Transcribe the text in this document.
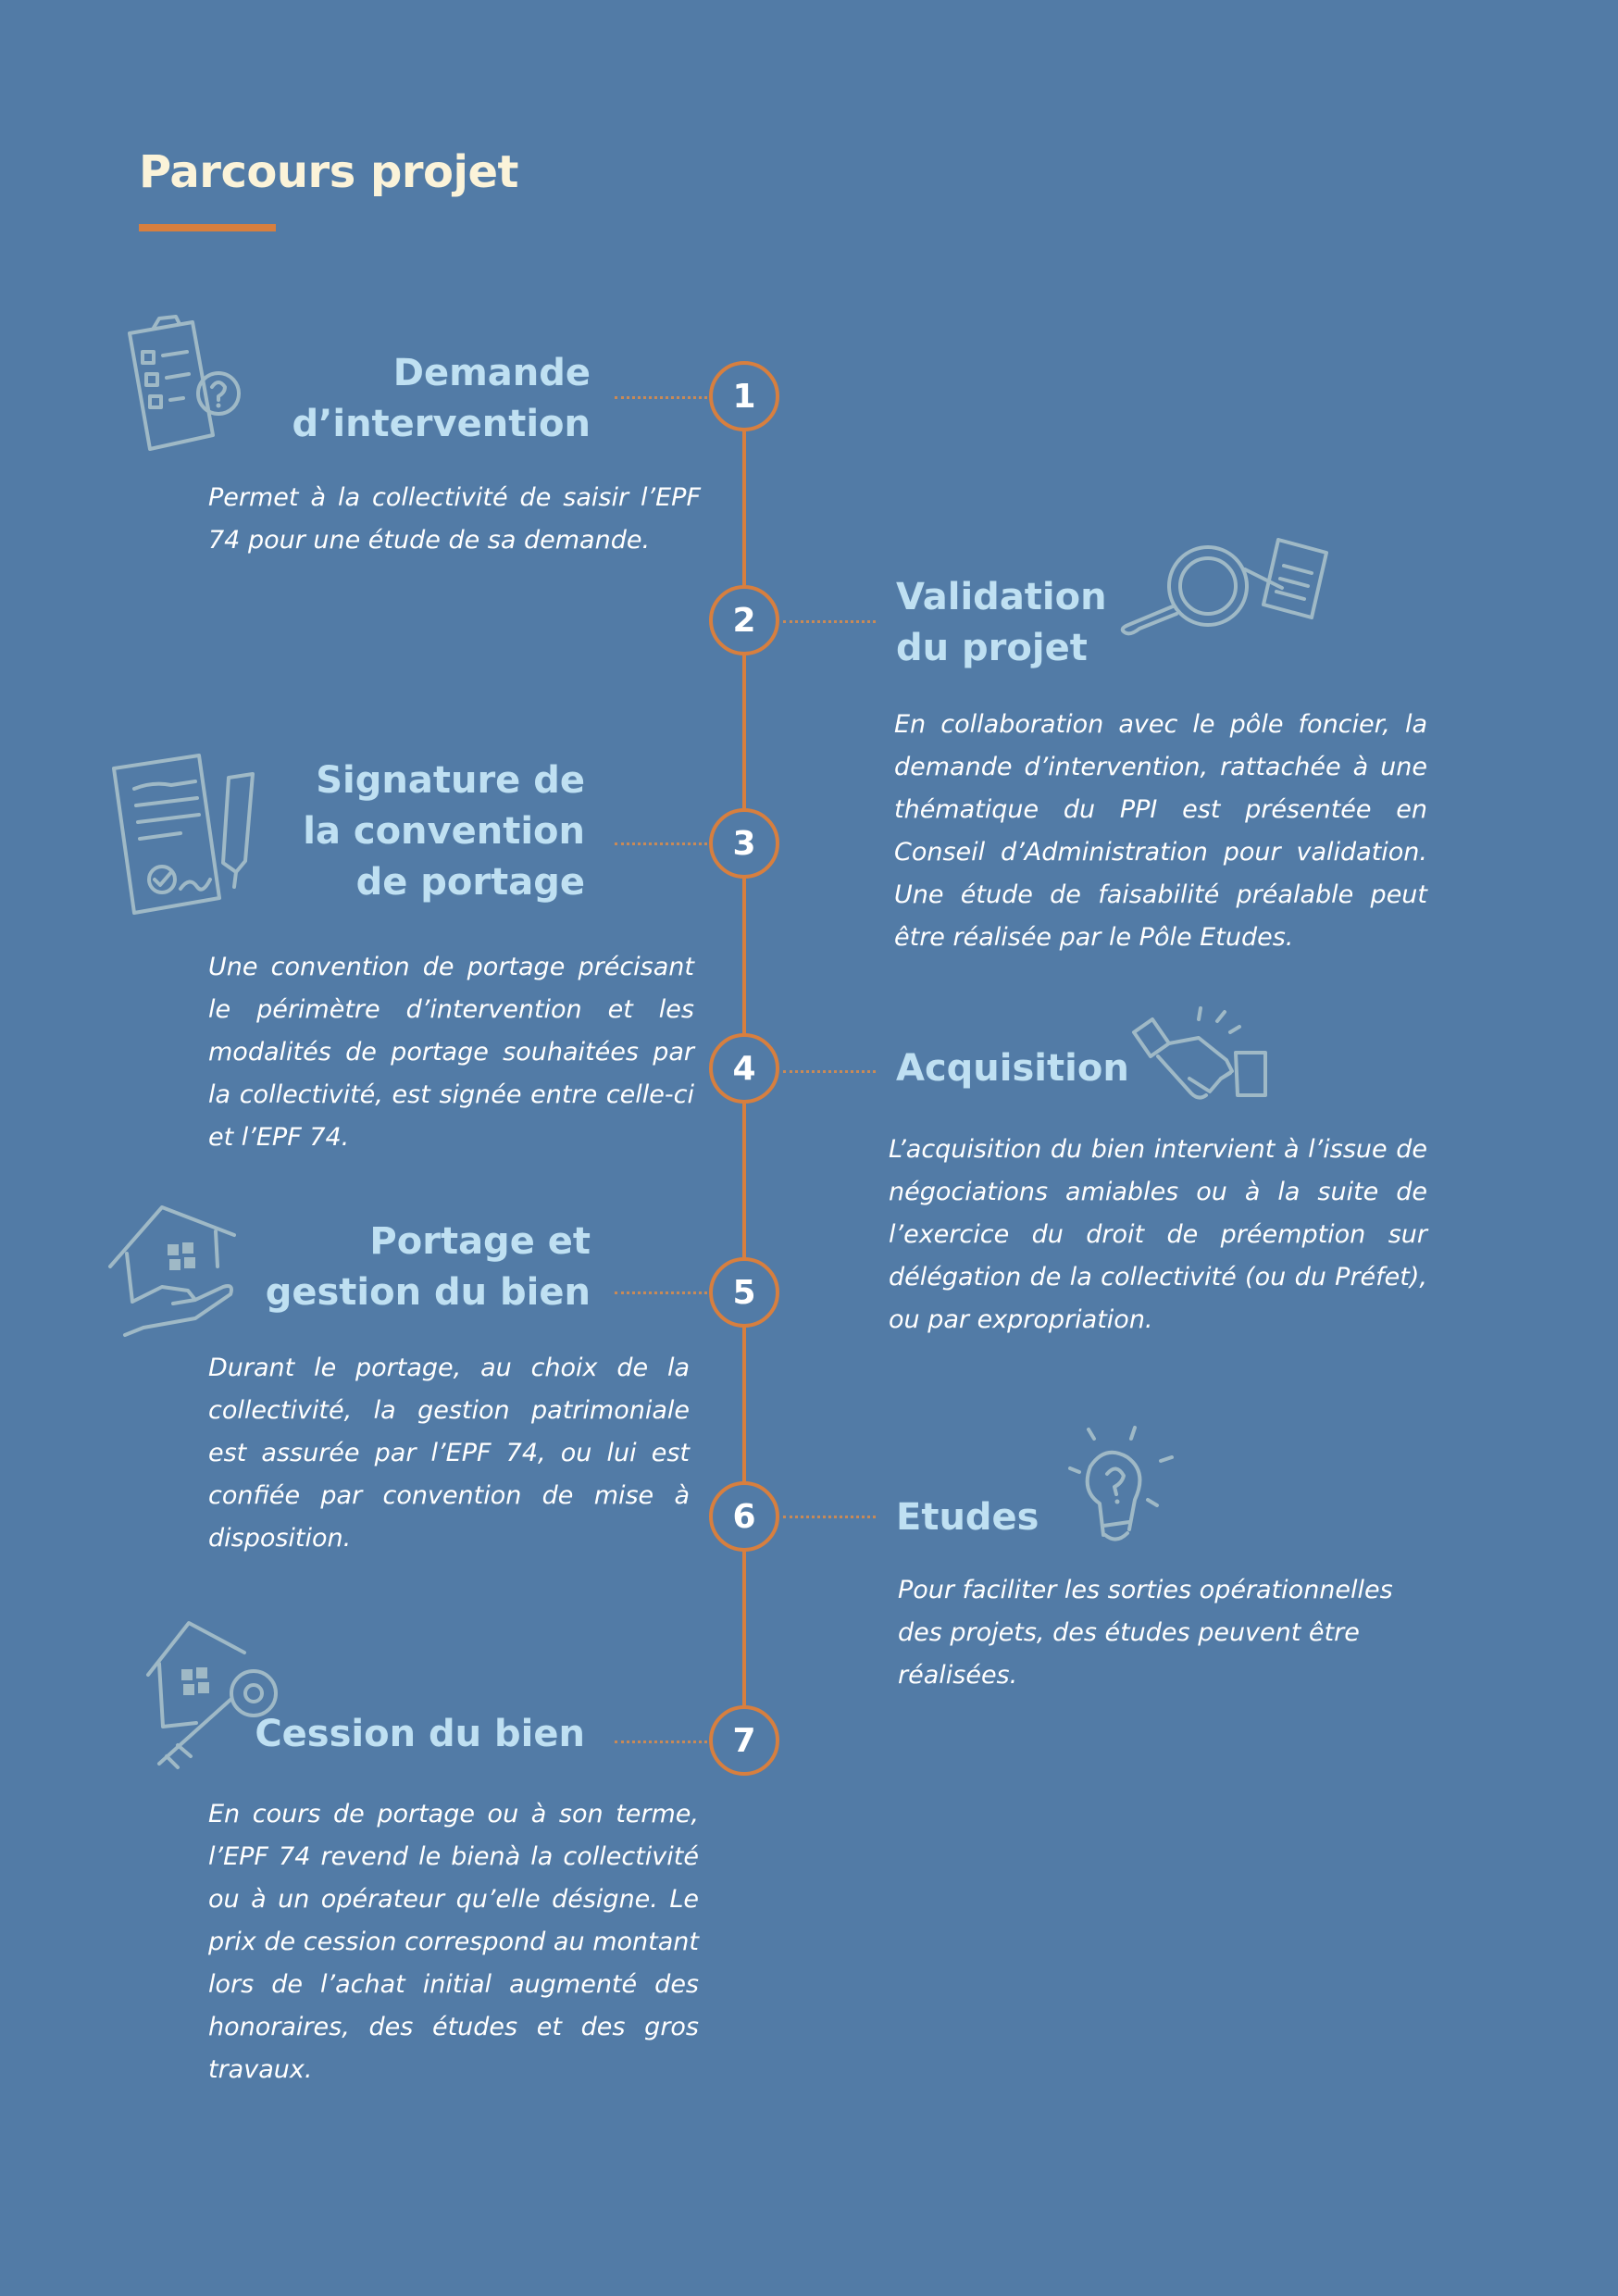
Parcours projet
Demande
d’intervention
1
Permet à la collectivité de saisir l’EPF 74 pour une étude de sa demande.
2
Validation
du projet
En collaboration avec le pôle foncier, la demande d’intervention, rattachée à une thématique du PPI est présentée en Conseil d’Administration pour validation. Une étude de faisabilité préalable peut être réalisée par le Pôle Etudes.
Signature de
la convention
de portage
3
Une convention de portage précisant le périmètre d’intervention et les modalités de portage souhaitées par la collectivité, est signée entre celle-ci et l’EPF 74.
4	Acquisition
L’acquisition du bien intervient à l’issue de négociations amiables ou à la suite de l’exercice du droit de préemption sur délégation de la collectivité (ou du Préfet), ou par expropriation.
Portage et
gestion du bien	5
Durant le portage, au choix de la collectivité, la gestion patrimoniale est assurée par l’EPF 74, ou lui est confiée par convention de mise à disposition.
6	Etudes
Pour faciliter les sorties opérationnelles des projets, des études peuvent être réalisées.
Cession du bien	7
En cours de portage ou à son terme, l’EPF 74 revend le bienà la collectivité ou à un opérateur qu’elle désigne. Le prix de cession correspond au montant lors de l’achat initial augmenté des honoraires, des études et des gros travaux.
